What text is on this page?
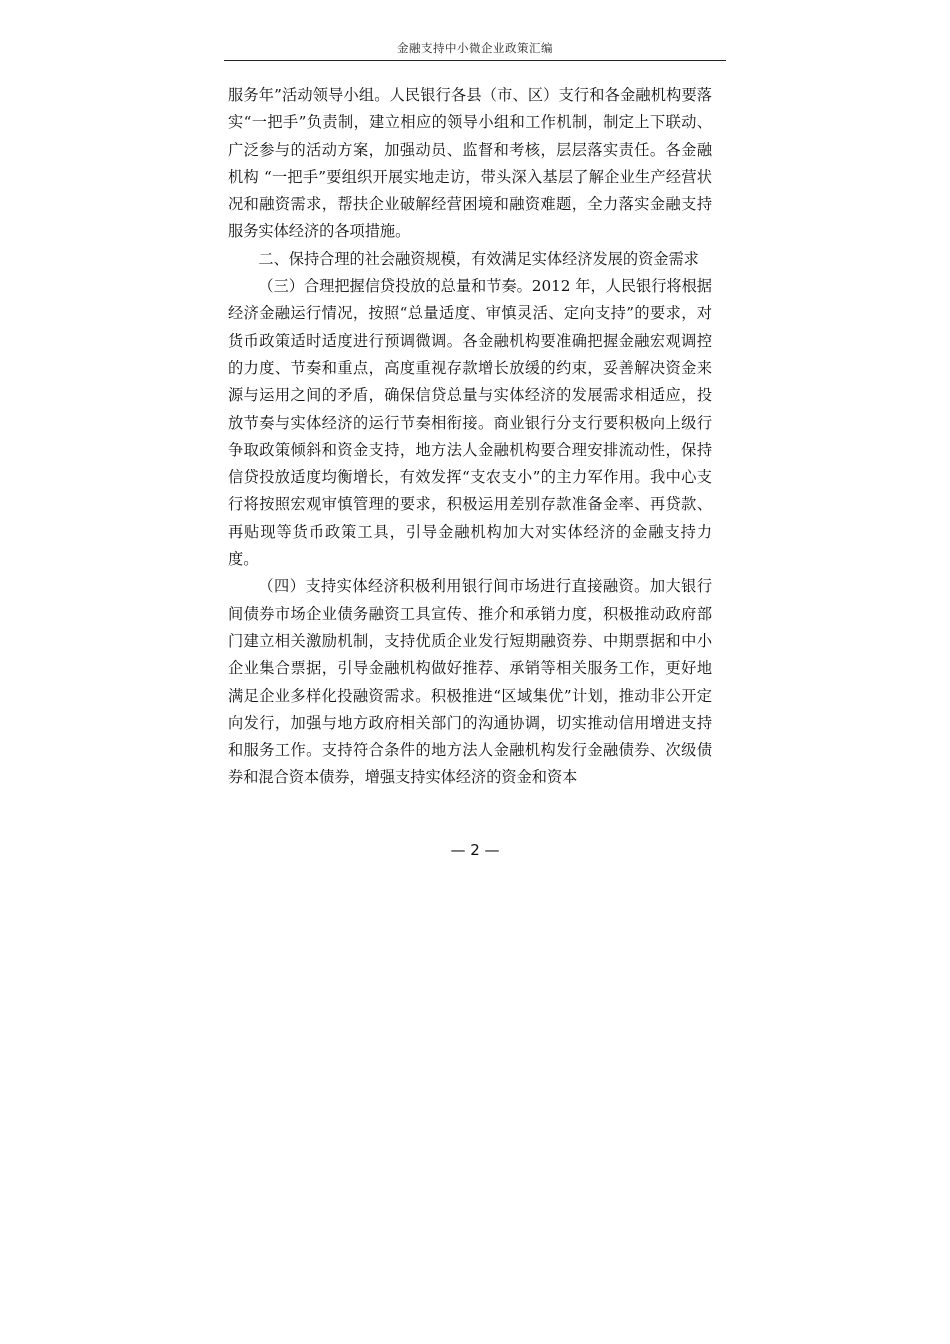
金融支持中小微企业政策汇编

服务年”活动领导小组。人民银行各县（市、区）支行和各金融机构要落实“一把手”负责制，建立相应的领导小组和工作机制，制定上下联动、广泛参与的活动方案，加强动员、监督和考核，层层落实责任。各金融机构 “一把手”要组织开展实地走访，带头深入基层了解企业生产经营状况和融资需求，帮扶企业破解经营困境和融资难题，全力落实金融支持服务实体经济的各项措施。

二、保持合理的社会融资规模，有效满足实体经济发展的资金需求

（三）合理把握信贷投放的总量和节奏。2012 年，人民银行将根据经济金融运行情况，按照“总量适度、审慎灵活、定向支持”的要求，对货币政策适时适度进行预调微调。各金融机构要准确把握金融宏观调控的力度、节奏和重点，高度重视存款增长放缓的约束，妥善解决资金来源与运用之间的矛盾，确保信贷总量与实体经济的发展需求相适应，投放节奏与实体经济的运行节奏相衔接。商业银行分支行要积极向上级行争取政策倾斜和资金支持，地方法人金融机构要合理安排流动性，保持信贷投放适度均衡增长，有效发挥“支农支小”的主力军作用。我中心支行将按照宏观审慎管理的要求，积极运用差别存款准备金率、再贷款、再贴现等货币政策工具，引导金融机构加大对实体经济的金融支持力度。

（四）支持实体经济积极利用银行间市场进行直接融资。加大银行间债券市场企业债务融资工具宣传、推介和承销力度，积极推动政府部门建立相关激励机制，支持优质企业发行短期融资券、中期票据和中小企业集合票据，引导金融机构做好推荐、承销等相关服务工作，更好地满足企业多样化投融资需求。积极推进“区域集优”计划，推动非公开定向发行，加强与地方政府相关部门的沟通协调，切实推动信用增进支持和服务工作。支持符合条件的地方法人金融机构发行金融债券、次级债券和混合资本债券，增强支持实体经济的资金和资本

— 2 —
